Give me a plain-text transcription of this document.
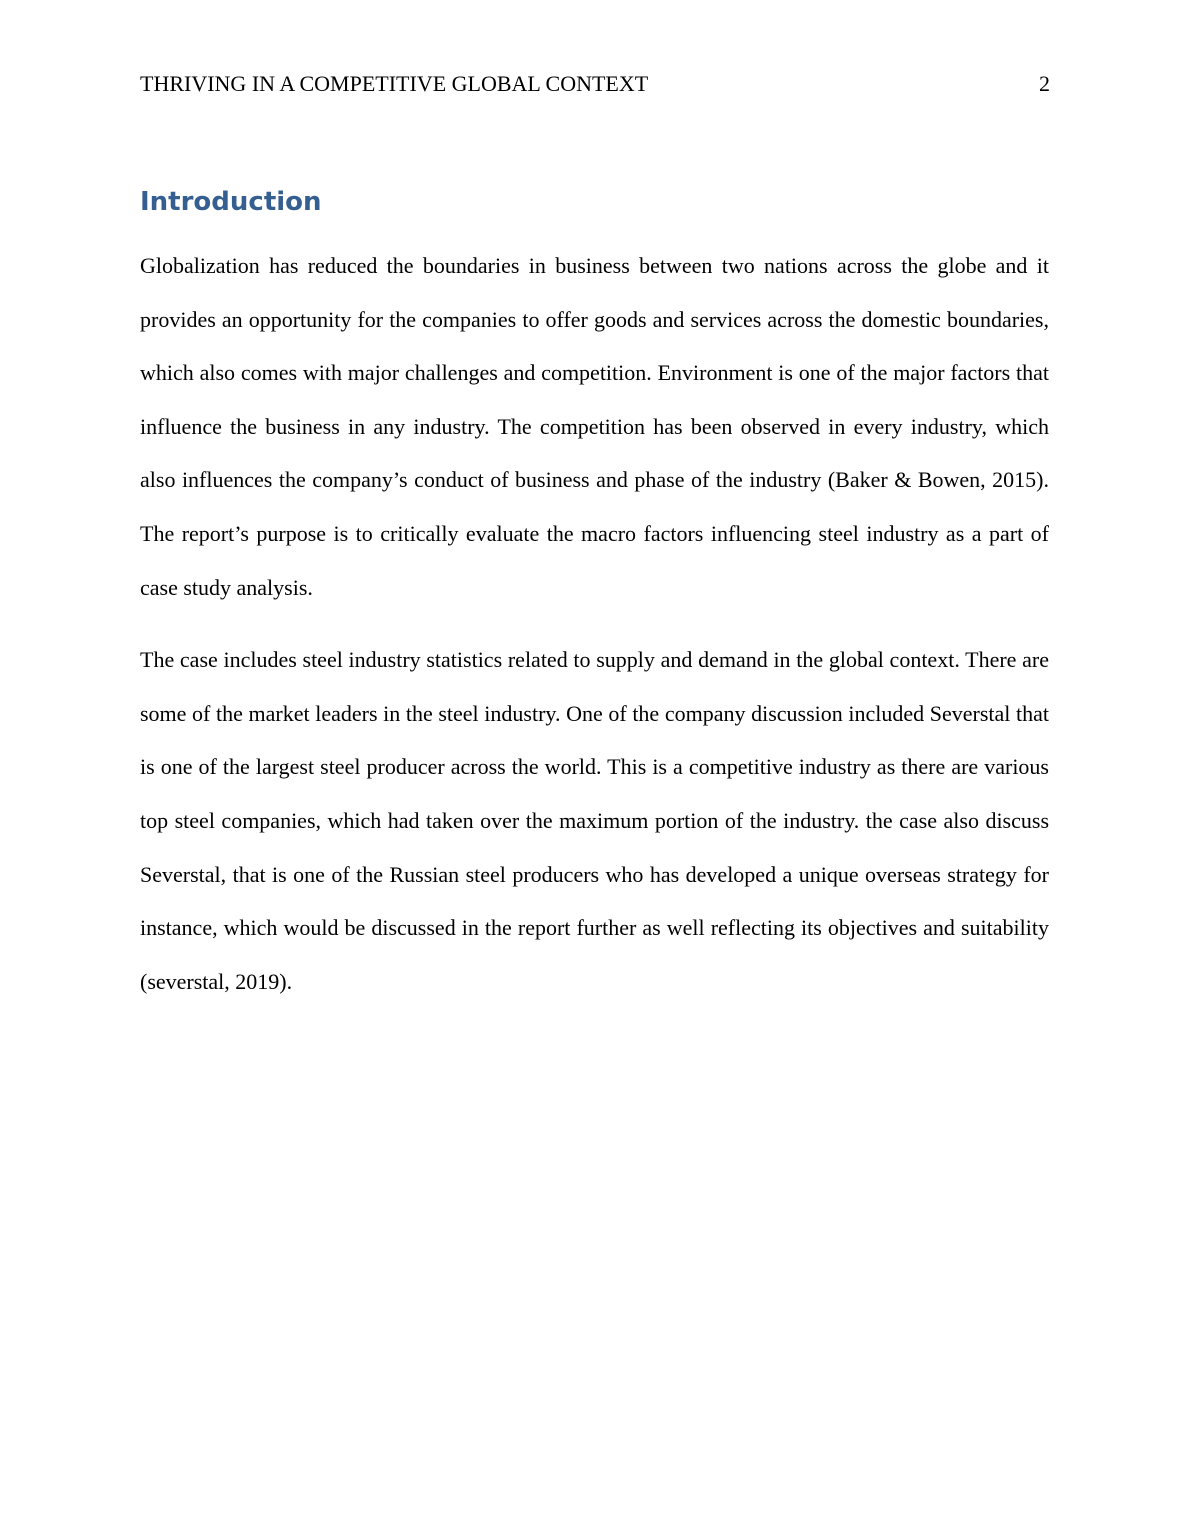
THRIVING IN A COMPETITIVE GLOBAL CONTEXT	2
Introduction

Globalization has reduced the boundaries in business between two nations across the globe and it provides an opportunity for the companies to offer goods and services across the domestic boundaries, which also comes with major challenges and competition. Environment is one of the major factors that influence the business in any industry. The competition has been observed in every industry, which also influences the company’s conduct of business and phase of the industry (Baker & Bowen, 2015). The report’s purpose is to critically evaluate the macro factors influencing steel industry as a part of case study analysis.

The case includes steel industry statistics related to supply and demand in the global context. There are some of the market leaders in the steel industry. One of the company discussion included Severstal that is one of the largest steel producer across the world. This is a competitive industry as there are various top steel companies, which had taken over the maximum portion of the industry. the case also discuss Severstal, that is one of the Russian steel producers who has developed a unique overseas strategy for instance, which would be discussed in the report further as well reflecting its objectives and suitability (severstal, 2019).
